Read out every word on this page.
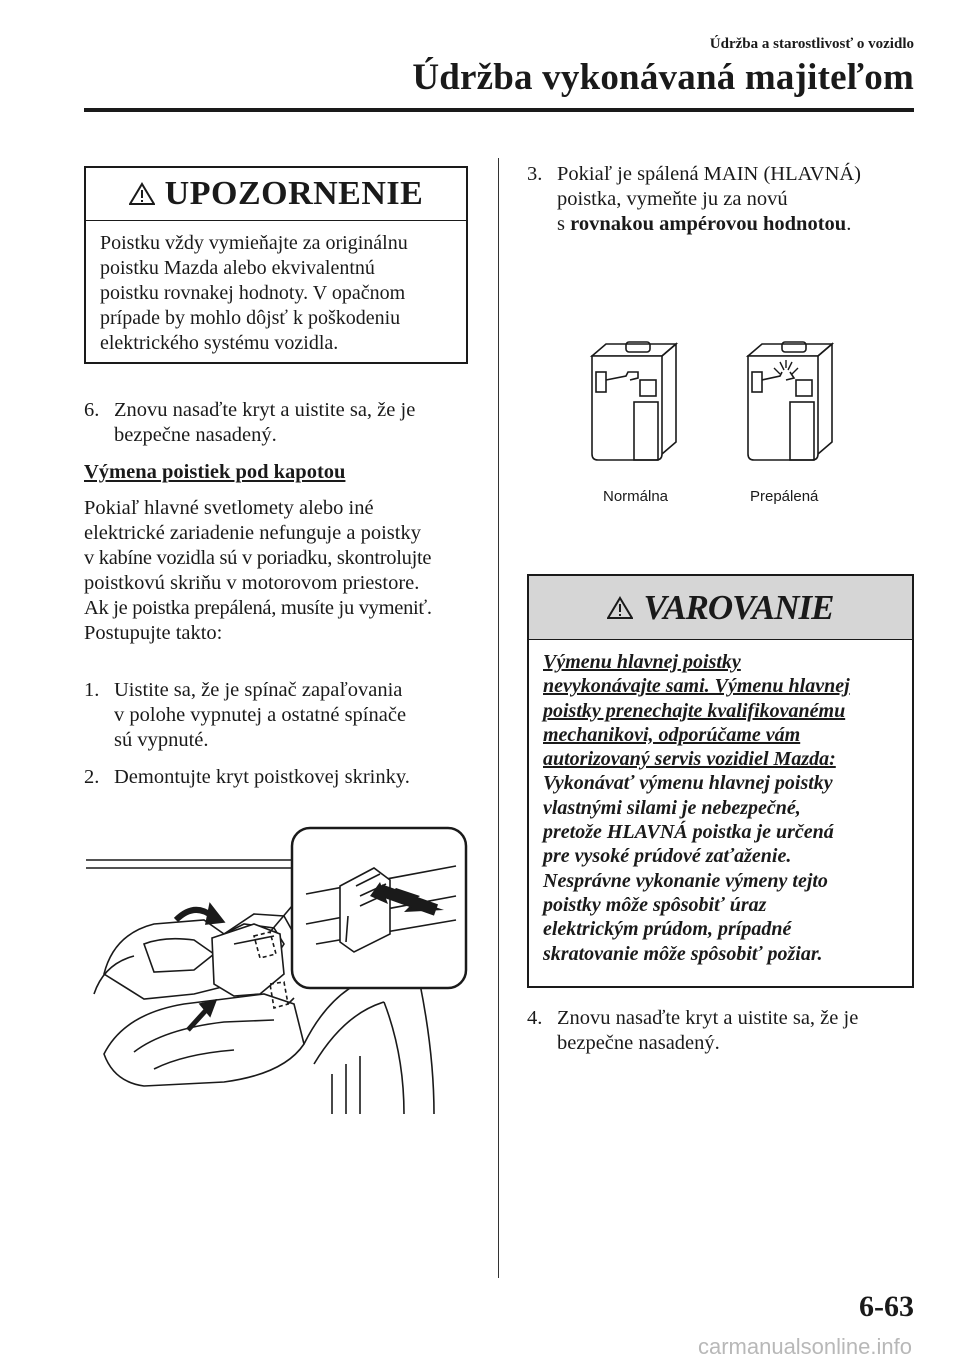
Údržba a starostlivosť o vozidlo
Údržba vykonávaná majiteľom
UPOZORNENIE
Poistku vždy vymieňajte za originálnu
poistku Mazda alebo ekvivalentnú
poistku rovnakej hodnoty. V opačnom
prípade by mohlo dôjsť k poškodeniu
elektrického systému vozidla.
6. Znovu nasaďte kryt a uistite sa, že je
bezpečne nasadený.
Výmena poistiek pod kapotou
Pokiaľ hlavné svetlomety alebo iné
elektrické zariadenie nefunguje a poistky
v kabíne vozidla sú v poriadku, skontrolujte
poistkovú skriňu v motorovom priestore.
Ak je poistka prepálená, musíte ju vymeniť.
Postupujte takto:
1. Uistite sa, že je spínač zapaľovania
v polohe vypnutej a ostatné spínače
sú vypnuté.
2. Demontujte kryt poistkovej skrinky.
3. Pokiaľ je spálená MAIN (HLAVNÁ)
poistka, vymeňte ju za novú
s rovnakou ampérovou hodnotou.
Normálna	Prepálená
VAROVANIE
Výmenu hlavnej poistky
nevykonávajte sami. Výmenu hlavnej
poistky prenechajte kvalifikovanému
mechanikovi, odporúčame vám
autorizovaný servis vozidiel Mazda:
Vykonávať výmenu hlavnej poistky
vlastnými silami je nebezpečné,
pretože HLAVNÁ poistka je určená
pre vysoké prúdové zaťaženie.
Nesprávne vykonanie výmeny tejto
poistky môže spôsobiť úraz
elektrickým prúdom, prípadné
skratovanie môže spôsobiť požiar.
4. Znovu nasaďte kryt a uistite sa, že je
bezpečne nasadený.
6-63
carmanualsonline.info
